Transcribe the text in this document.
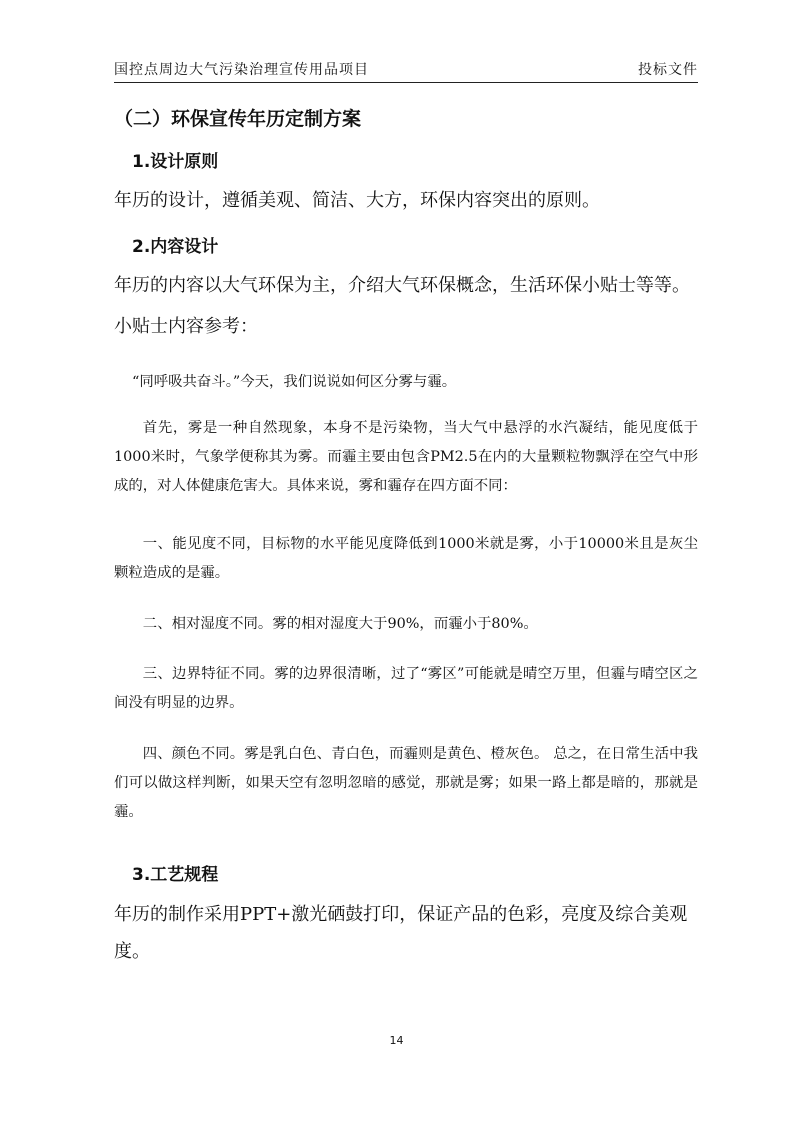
国控点周边大气污染治理宣传用品项目	投标文件
（二）环保宣传年历定制方案
1.设计原则
年历的设计，遵循美观、简洁、大方，环保内容突出的原则。
2.内容设计
年历的内容以大气环保为主，介绍大气环保概念，生活环保小贴士等等。
小贴士内容参考：
“同呼吸共奋斗。”今天，我们说说如何区分雾与霾。

首先，雾是一种自然现象，本身不是污染物，当大气中悬浮的水汽凝结，能见度低于1000米时，气象学便称其为雾。而霾主要由包含PM2.5在内的大量颗粒物飘浮在空气中形成的，对人体健康危害大。具体来说，雾和霾存在四方面不同：

一、能见度不同，目标物的水平能见度降低到1000米就是雾，小于10000米且是灰尘颗粒造成的是霾。

二、相对湿度不同。雾的相对湿度大于90%，而霾小于80%。

三、边界特征不同。雾的边界很清晰，过了“雾区”可能就是晴空万里，但霾与晴空区之间没有明显的边界。

四、颜色不同。雾是乳白色、青白色，而霾则是黄色、橙灰色。 总之，在日常生活中我们可以做这样判断，如果天空有忽明忽暗的感觉，那就是雾；如果一路上都是暗的，那就是霾。

3.工艺规程
年历的制作采用PPT+激光硒鼓打印，保证产品的色彩，亮度及综合美观度。
14
